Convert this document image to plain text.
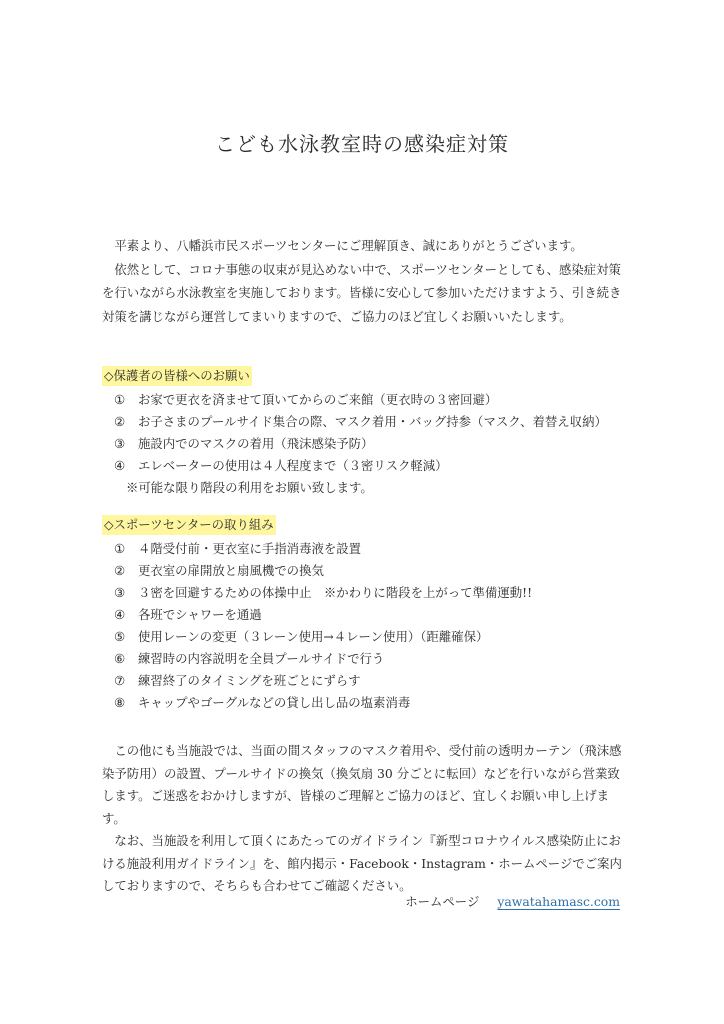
こども水泳教室時の感染症対策

平素より、八幡浜市民スポーツセンターにご理解頂き、誠にありがとうございます。

依然として、コロナ事態の収束が見込めない中で、スポーツセンターとしても、感染症対策を行いながら水泳教室を実施しております。皆様に安心して参加いただけますよう、引き続き対策を講じながら運営してまいりますので、ご協力のほど宜しくお願いいたします。

◇保護者の皆様へのお願い
① お家で更衣を済ませて頂いてからのご来館（更衣時の３密回避）
② お子さまのプールサイド集合の際、マスク着用・バッグ持参（マスク、着替え収納）
③ 施設内でのマスクの着用（飛沫感染予防）
④ エレベーターの使用は４人程度まで（３密リスク軽減）
※可能な限り階段の利用をお願い致します。
◇スポーツセンターの取り組み
① ４階受付前・更衣室に手指消毒液を設置
② 更衣室の扉開放と扇風機での換気
③ ３密を回避するための体操中止　※かわりに階段を上がって準備運動!!
④ 各班でシャワーを通過
⑤ 使用レーンの変更（３レーン使用→４レーン使用）（距離確保）
⑥ 練習時の内容説明を全員プールサイドで行う
⑦ 練習終了のタイミングを班ごとにずらす
⑧ キャップやゴーグルなどの貸し出し品の塩素消毒

この他にも当施設では、当面の間スタッフのマスク着用や、受付前の透明カーテン（飛沫感染予防用）の設置、プールサイドの換気（換気扇 30 分ごとに転回）などを行いながら営業致します。ご迷惑をおかけしますが、皆様のご理解とご協力のほど、宜しくお願い申し上げます。

なお、当施設を利用して頂くにあたってのガイドライン『新型コロナウイルス感染防止における施設利用ガイドライン』を、館内掲示・Facebook・Instagram・ホームページでご案内しておりますので、そちらも合わせてご確認ください。

ホームページ yawatahamasc.com
